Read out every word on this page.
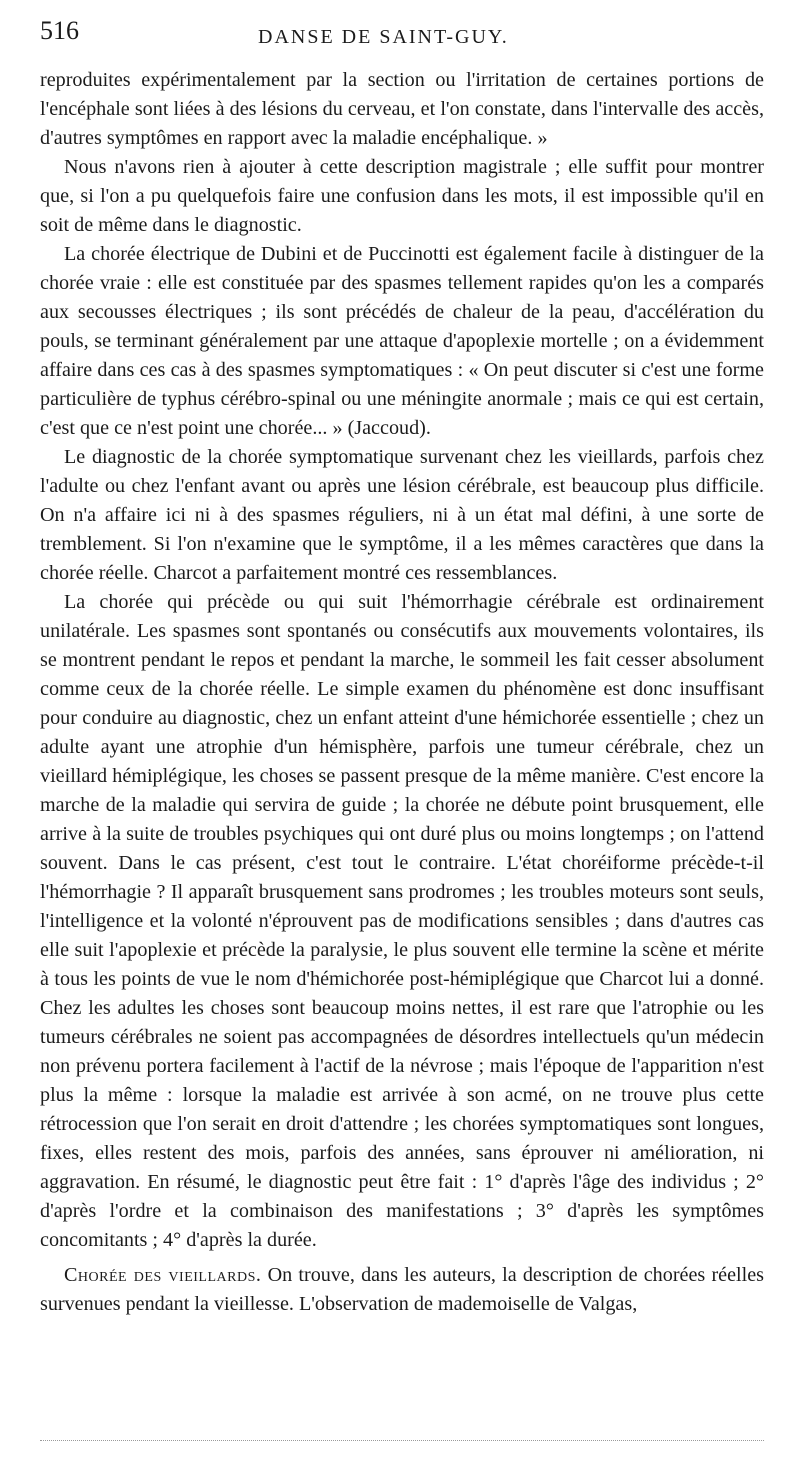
516	DANSE DE SAINT-GUY.

reproduites expérimentalement par la section ou l'irritation de certaines portions de l'encéphale sont liées à des lésions du cerveau, et l'on constate, dans l'intervalle des accès, d'autres symptômes en rapport avec la maladie encéphalique. »

Nous n'avons rien à ajouter à cette description magistrale ; elle suffit pour montrer que, si l'on a pu quelquefois faire une confusion dans les mots, il est impossible qu'il en soit de même dans le diagnostic.

La chorée électrique de Dubini et de Puccinotti est également facile à distinguer de la chorée vraie : elle est constituée par des spasmes tellement rapides qu'on les a comparés aux secousses électriques ; ils sont précédés de chaleur de la peau, d'accélération du pouls, se terminant généralement par une attaque d'apoplexie mortelle ; on a évidemment affaire dans ces cas à des spasmes symptomatiques : « On peut discuter si c'est une forme particulière de typhus cérébro-spinal ou une méningite anormale ; mais ce qui est certain, c'est que ce n'est point une chorée... » (Jaccoud).

Le diagnostic de la chorée symptomatique survenant chez les vieillards, parfois chez l'adulte ou chez l'enfant avant ou après une lésion cérébrale, est beaucoup plus difficile. On n'a affaire ici ni à des spasmes réguliers, ni à un état mal défini, à une sorte de tremblement. Si l'on n'examine que le symptôme, il a les mêmes caractères que dans la chorée réelle. Charcot a parfaitement montré ces ressemblances.

La chorée qui précède ou qui suit l'hémorrhagie cérébrale est ordinairement unilatérale. Les spasmes sont spontanés ou consécutifs aux mouvements volontaires, ils se montrent pendant le repos et pendant la marche, le sommeil les fait cesser absolument comme ceux de la chorée réelle. Le simple examen du phénomène est donc insuffisant pour conduire au diagnostic, chez un enfant atteint d'une hémichorée essentielle ; chez un adulte ayant une atrophie d'un hémisphère, parfois une tumeur cérébrale, chez un vieillard hémiplégique, les choses se passent presque de la même manière. C'est encore la marche de la maladie qui servira de guide ; la chorée ne débute point brusquement, elle arrive à la suite de troubles psychiques qui ont duré plus ou moins longtemps ; on l'attend souvent. Dans le cas présent, c'est tout le contraire. L'état choréiforme précède-t-il l'hémorrhagie ? Il apparaît brusquement sans prodromes ; les troubles moteurs sont seuls, l'intelligence et la volonté n'éprouvent pas de modifications sensibles ; dans d'autres cas elle suit l'apoplexie et précède la paralysie, le plus souvent elle termine la scène et mérite à tous les points de vue le nom d'hémichorée post-hémiplégique que Charcot lui a donné. Chez les adultes les choses sont beaucoup moins nettes, il est rare que l'atrophie ou les tumeurs cérébrales ne soient pas accompagnées de désordres intellectuels qu'un médecin non prévenu portera facilement à l'actif de la névrose ; mais l'époque de l'apparition n'est plus la même : lorsque la maladie est arrivée à son acmé, on ne trouve plus cette rétrocession que l'on serait en droit d'attendre ; les chorées symptomatiques sont longues, fixes, elles restent des mois, parfois des années, sans éprouver ni amélioration, ni aggravation. En résumé, le diagnostic peut être fait : 1° d'après l'âge des individus ; 2° d'après l'ordre et la combinaison des manifestations ; 3° d'après les symptômes concomitants ; 4° d'après la durée.

Chorée des vieillards. On trouve, dans les auteurs, la description de chorées réelles survenues pendant la vieillesse. L'observation de mademoiselle de Valgas,
